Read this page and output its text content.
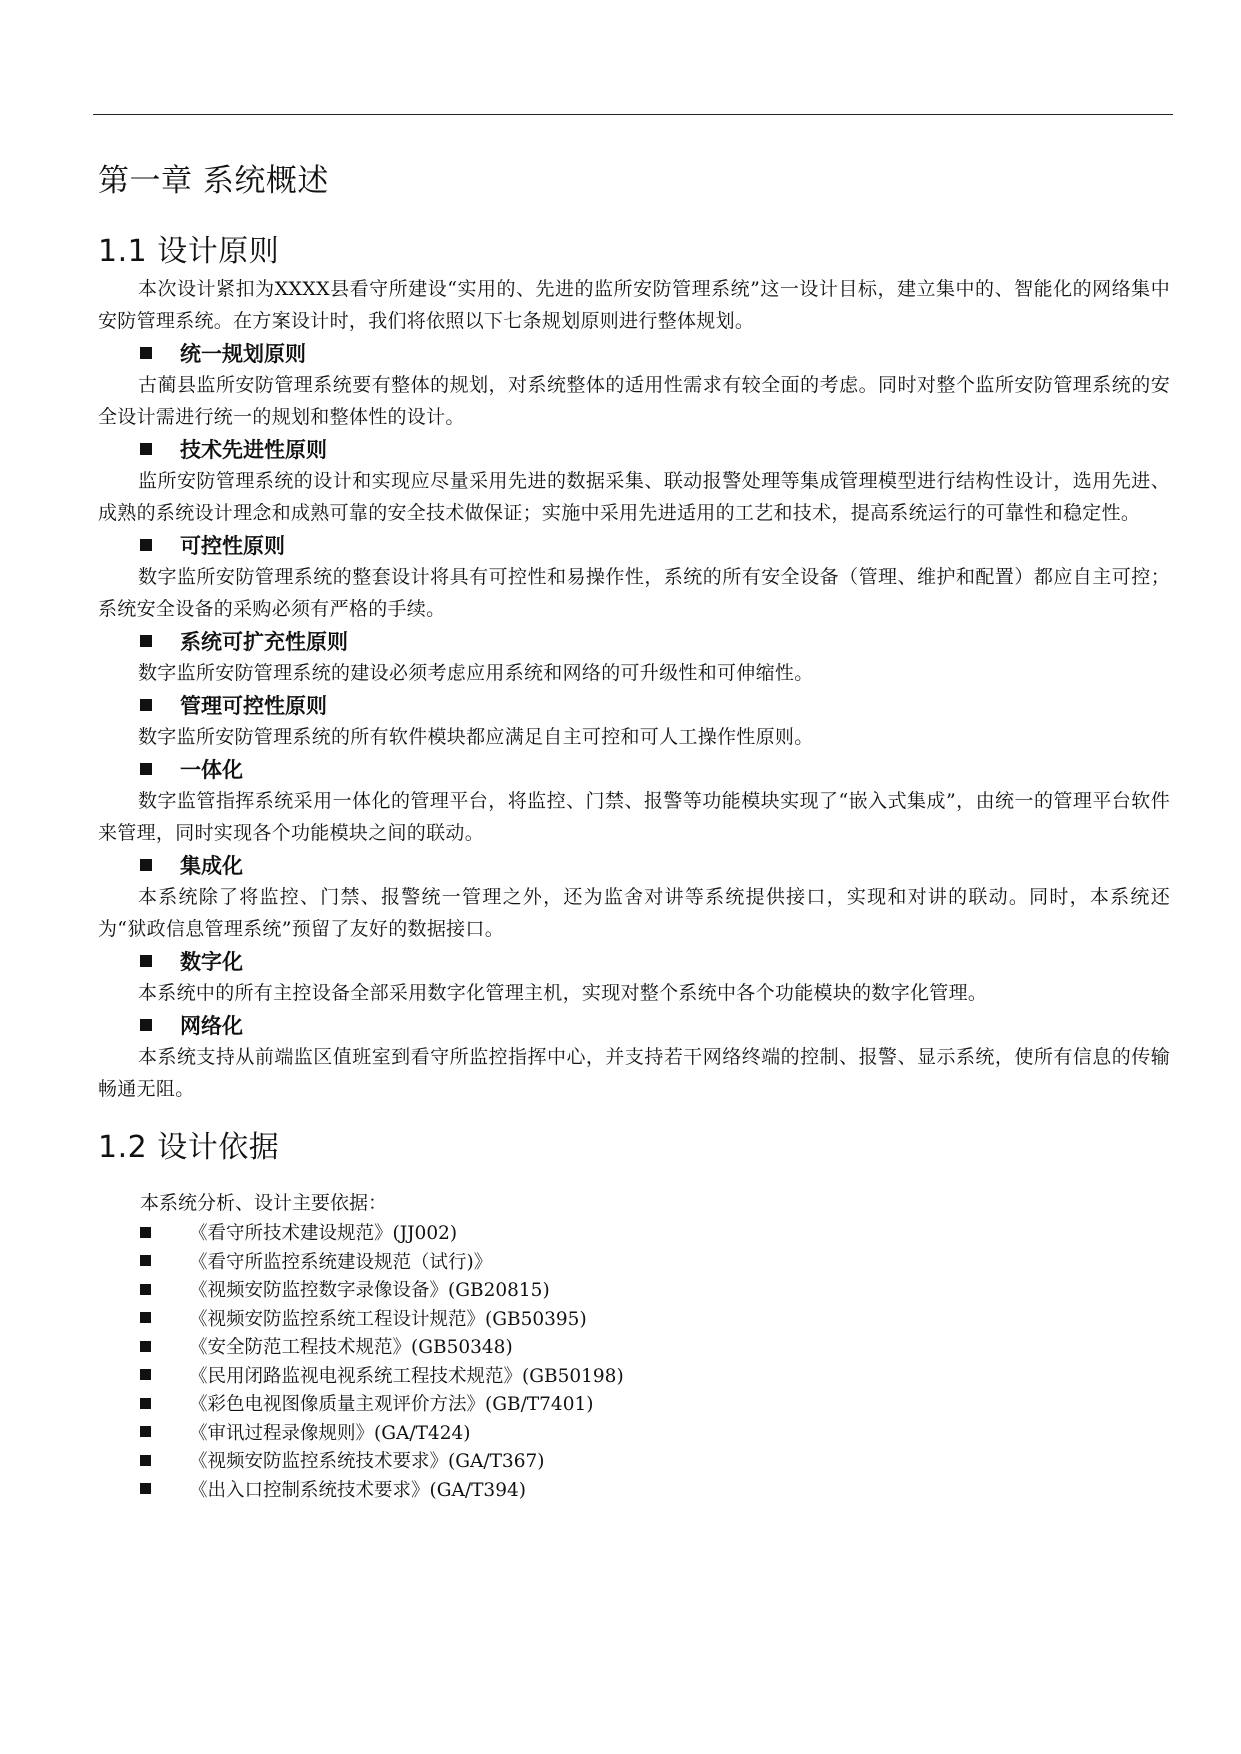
第一章 系统概述
1.1 设计原则

本次设计紧扣为XXXX县看守所建设“实用的、先进的监所安防管理系统”这一设计目标，建立集中的、智能化的网络集中安防管理系统。在方案设计时，我们将依照以下七条规划原则进行整体规划。

统一规划原则

古蔺县监所安防管理系统要有整体的规划，对系统整体的适用性需求有较全面的考虑。同时对整个监所安防管理系统的安全设计需进行统一的规划和整体性的设计。

技术先进性原则

监所安防管理系统的设计和实现应尽量采用先进的数据采集、联动报警处理等集成管理模型进行结构性设计，选用先进、成熟的系统设计理念和成熟可靠的安全技术做保证；实施中采用先进适用的工艺和技术，提高系统运行的可靠性和稳定性。

可控性原则

数字监所安防管理系统的整套设计将具有可控性和易操作性，系统的所有安全设备（管理、维护和配置）都应自主可控；系统安全设备的采购必须有严格的手续。

系统可扩充性原则

数字监所安防管理系统的建设必须考虑应用系统和网络的可升级性和可伸缩性。

管理可控性原则

数字监所安防管理系统的所有软件模块都应满足自主可控和可人工操作性原则。

一体化

数字监管指挥系统采用一体化的管理平台，将监控、门禁、报警等功能模块实现了“嵌入式集成”，由统一的管理平台软件来管理，同时实现各个功能模块之间的联动。

集成化

本系统除了将监控、门禁、报警统一管理之外，还为监舍对讲等系统提供接口，实现和对讲的联动。同时，本系统还为“狱政信息管理系统”预留了友好的数据接口。

数字化

本系统中的所有主控设备全部采用数字化管理主机，实现对整个系统中各个功能模块的数字化管理。

网络化

本系统支持从前端监区值班室到看守所监控指挥中心，并支持若干网络终端的控制、报警、显示系统，使所有信息的传输畅通无阻。

1.2 设计依据
本系统分析、设计主要依据：
《看守所技术建设规范》(JJ002)
《看守所监控系统建设规范（试行)》
《视频安防监控数字录像设备》(GB20815)
《视频安防监控系统工程设计规范》(GB50395)
《安全防范工程技术规范》(GB50348)
《民用闭路监视电视系统工程技术规范》(GB50198)
《彩色电视图像质量主观评价方法》(GB/T7401)
《审讯过程录像规则》(GA/T424)
《视频安防监控系统技术要求》(GA/T367)
《出入口控制系统技术要求》(GA/T394)
